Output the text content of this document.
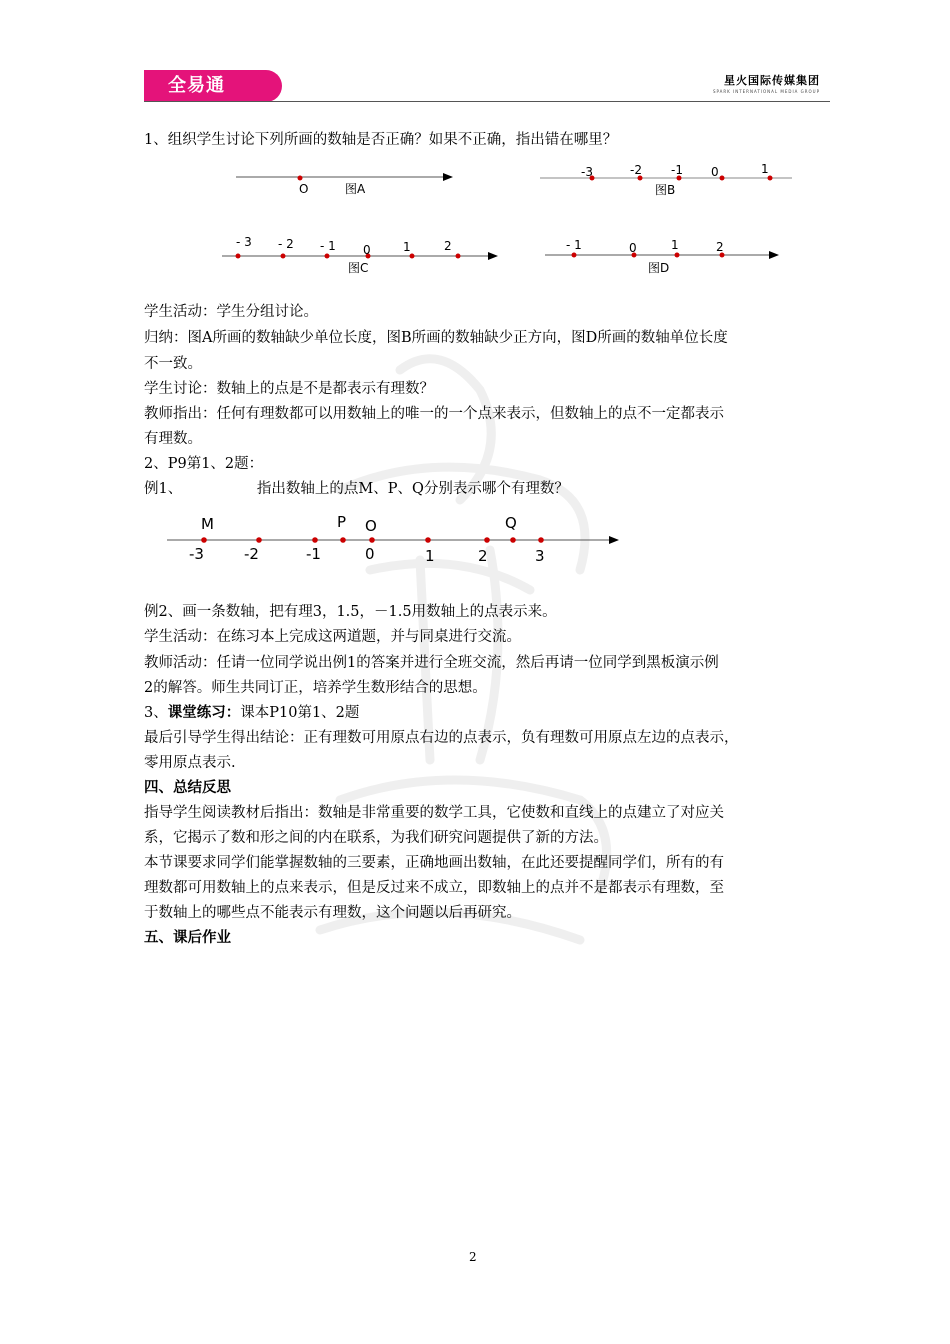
全易通	星火国际传媒集团
SPARK INTERNATIONAL MEDIA GROUP
1、组织学生讨论下列所画的数轴是否正确？如果不正确，指出错在哪里？
O	图A
-3	-2 -1 0	1
图B
- 3 - 2 - 1 0	1	2
图C
- 1	0	1	2
图D
M	P O	Q
-3	-2	-1	0	1	2	3
学生活动：学生分组讨论。
归纳：图A所画的数轴缺少单位长度，图B所画的数轴缺少正方向，图D所画的数轴单位长度
不一致。
学生讨论：数轴上的点是不是都表示有理数？
教师指出：任何有理数都可以用数轴上的唯一的一个点来表示，但数轴上的点不一定都表示
有理数。
2、P9第1、2题：
例1、	指出数轴上的点M、P、Q分别表示哪个有理数？
例2、画一条数轴，把有理3，1.5，－1.5用数轴上的点表示来。
学生活动：在练习本上完成这两道题，并与同桌进行交流。
教师活动：任请一位同学说出例1的答案并进行全班交流，然后再请一位同学到黑板演示例
2的解答。师生共同订正，培养学生数形结合的思想。
3、课堂练习：课本P10第1、2题
最后引导学生得出结论：正有理数可用原点右边的点表示，负有理数可用原点左边的点表示，
零用原点表示.
四、总结反思
指导学生阅读教材后指出：数轴是非常重要的数学工具，它使数和直线上的点建立了对应关
系，它揭示了数和形之间的内在联系，为我们研究问题提供了新的方法。
本节课要求同学们能掌握数轴的三要素，正确地画出数轴，在此还要提醒同学们，所有的有
理数都可用数轴上的点来表示，但是反过来不成立，即数轴上的点并不是都表示有理数，至
于数轴上的哪些点不能表示有理数，这个问题以后再研究。
五、课后作业
2
